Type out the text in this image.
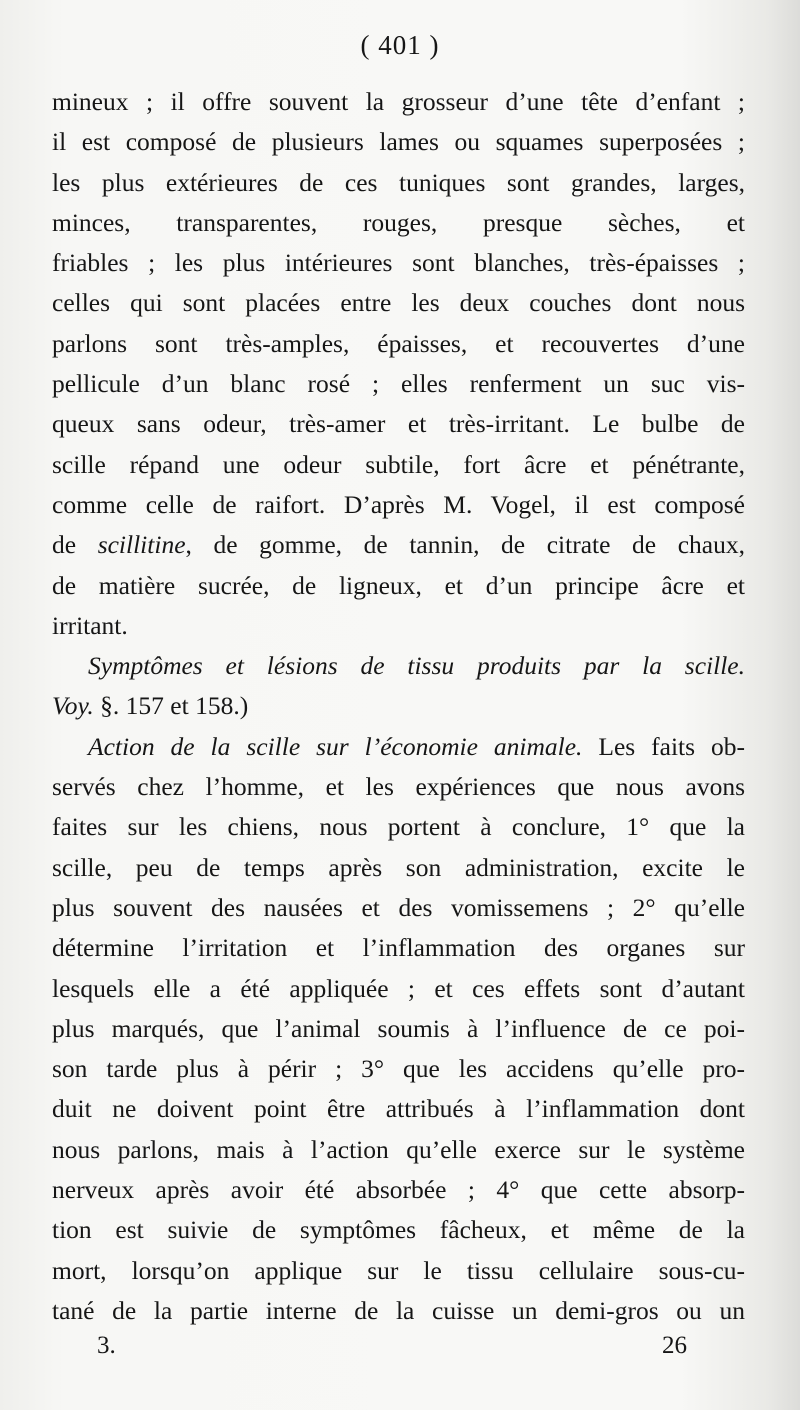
( 401 )
mineux ; il offre souvent la grosseur d’une tête d’enfant ;
il est composé de plusieurs lames ou squames superposées ;
les plus extérieures de ces tuniques sont grandes, larges,
minces, transparentes, rouges, presque sèches, et
friables ; les plus intérieures sont blanches, très-épaisses ;
celles qui sont placées entre les deux couches dont nous
parlons sont très-amples, épaisses, et recouvertes d’une
pellicule d’un blanc rosé ; elles renferment un suc vis-
queux sans odeur, très-amer et très-irritant. Le bulbe de
scille répand une odeur subtile, fort âcre et pénétrante,
comme celle de raifort. D’après M. Vogel, il est composé
de scillitine, de gomme, de tannin, de citrate de chaux,
de matière sucrée, de ligneux, et d’un principe âcre et
irritant.
Symptômes et lésions de tissu produits par la scille.
Voy. §. 157 et 158.)
Action de la scille sur l’économie animale. Les faits ob-
servés chez l’homme, et les expériences que nous avons
faites sur les chiens, nous portent à conclure, 1° que la
scille, peu de temps après son administration, excite le
plus souvent des nausées et des vomissemens ; 2° qu’elle
détermine l’irritation et l’inflammation des organes sur
lesquels elle a été appliquée ; et ces effets sont d’autant
plus marqués, que l’animal soumis à l’influence de ce poi-
son tarde plus à périr ; 3° que les accidens qu’elle pro-
duit ne doivent point être attribués à l’inflammation dont
nous parlons, mais à l’action qu’elle exerce sur le système
nerveux après avoir été absorbée ; 4° que cette absorp-
tion est suivie de symptômes fâcheux, et même de la
mort, lorsqu’on applique sur le tissu cellulaire sous-cu-
tané de la partie interne de la cuisse un demi-gros ou un
3.	26
